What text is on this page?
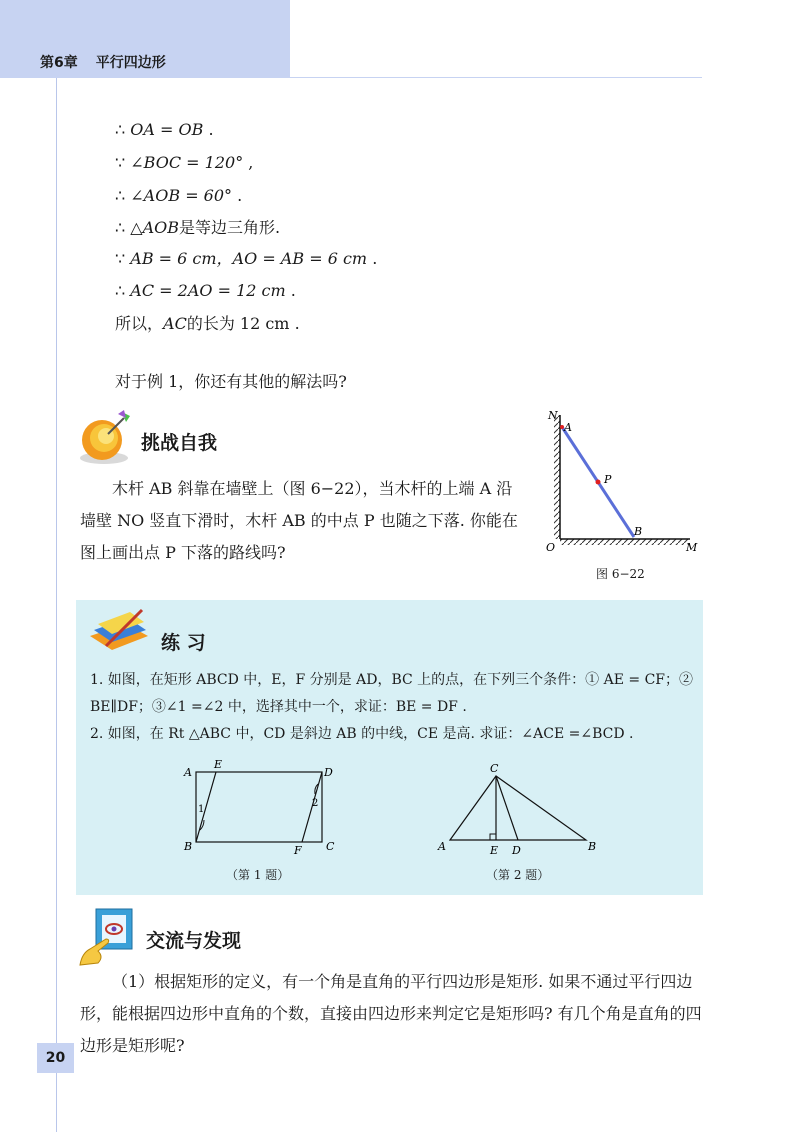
第6章 平行四边形
∴ OA = OB .
∵ ∠BOC = 120° ,
∴ ∠AOB = 60° .
∴ △AOB是等边三角形.
∵ AB = 6 cm，AO = AB = 6 cm .
∴ AC = 2AO = 12 cm .
所以，AC的长为 12 cm .
对于例 1，你还有其他的解法吗?
挑战自我
木杆 AB 斜靠在墙壁上（图 6−22），当木杆的上端 A 沿墙壁 NO 竖直下滑时，木杆 AB 的中点 P 也随之下落. 你能在图上画出点 P 下落的路线吗?
N
A
P
B
O	M
图 6−22
练 习
1. 如图，在矩形 ABCD 中，E，F 分别是 AD，BC 上的点，在下列三个条件：① AE = CF；② BE∥DF；③∠1 =∠2 中，选择其中一个，求证：BE = DF .
2. 如图，在 Rt △ABC 中，CD 是斜边 AB 的中线，CE 是高. 求证：∠ACE =∠BCD .
A
E
D
B	F C
1
2
（第 1 题）
C
A	E D	B
（第 2 题）
交流与发现
（1）根据矩形的定义，有一个角是直角的平行四边形是矩形. 如果不通过平行四边形，能根据四边形中直角的个数，直接由四边形来判定它是矩形吗? 有几个角是直角的四边形是矩形呢?
20
